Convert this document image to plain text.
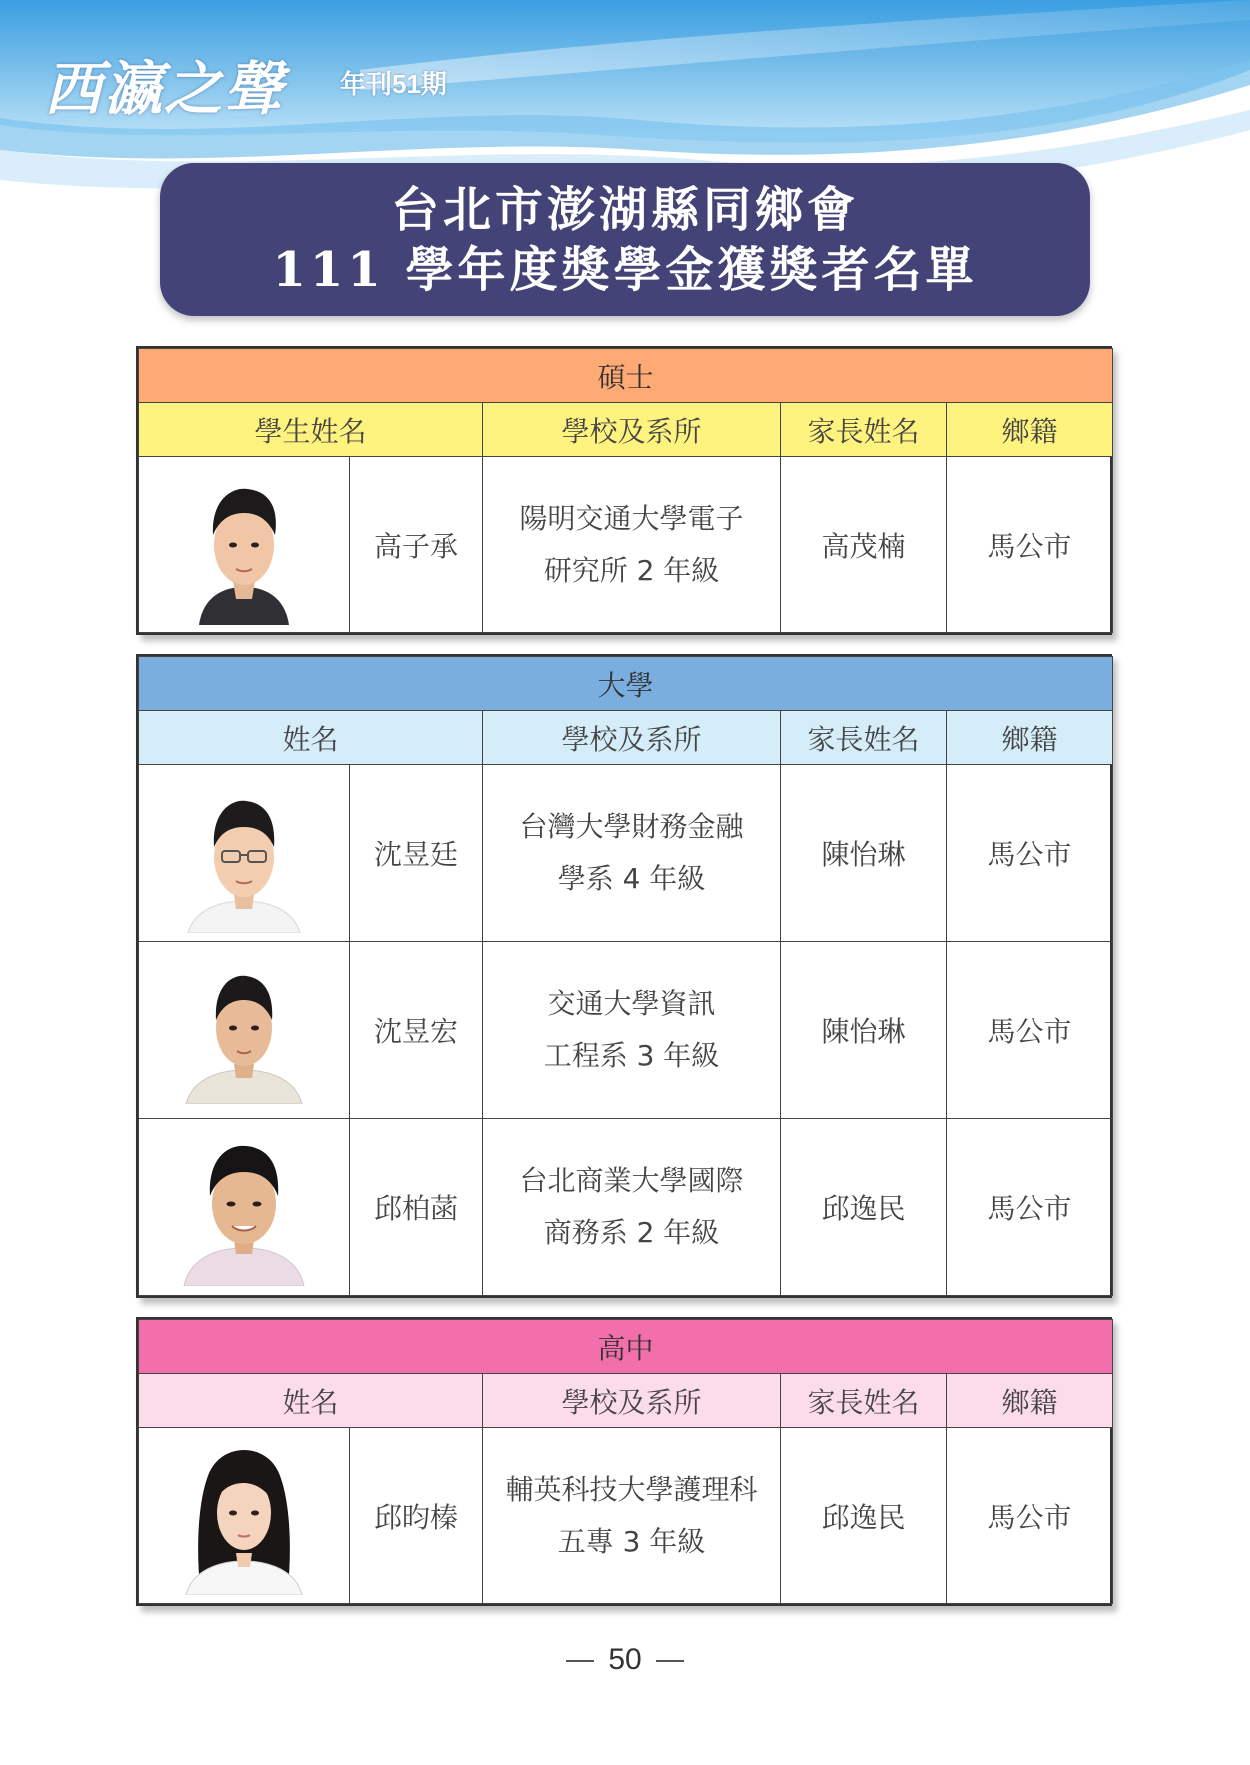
西瀛之聲 年刊51期
台北市澎湖縣同鄉會
111 學年度獎學金獲獎者名單
碩士				
學生姓名		學校及系所	家長姓名	鄉籍

	高子承	陽明交通大學電子
研究所 2 年級	高茂楠	馬公市
大學				
姓名		學校及系所	家長姓名	鄉籍

	沈昱廷	台灣大學財務金融
學系 4 年級	陳怡琳	馬公市

	沈昱宏	交通大學資訊
工程系 3 年級	陳怡琳	馬公市

	邱柏菡	台北商業大學國際
商務系 2 年級	邱逸民	馬公市
高中				
姓名		學校及系所	家長姓名	鄉籍

	邱昀榛	輔英科技大學護理科
五專 3 年級	邱逸民	馬公市
50
